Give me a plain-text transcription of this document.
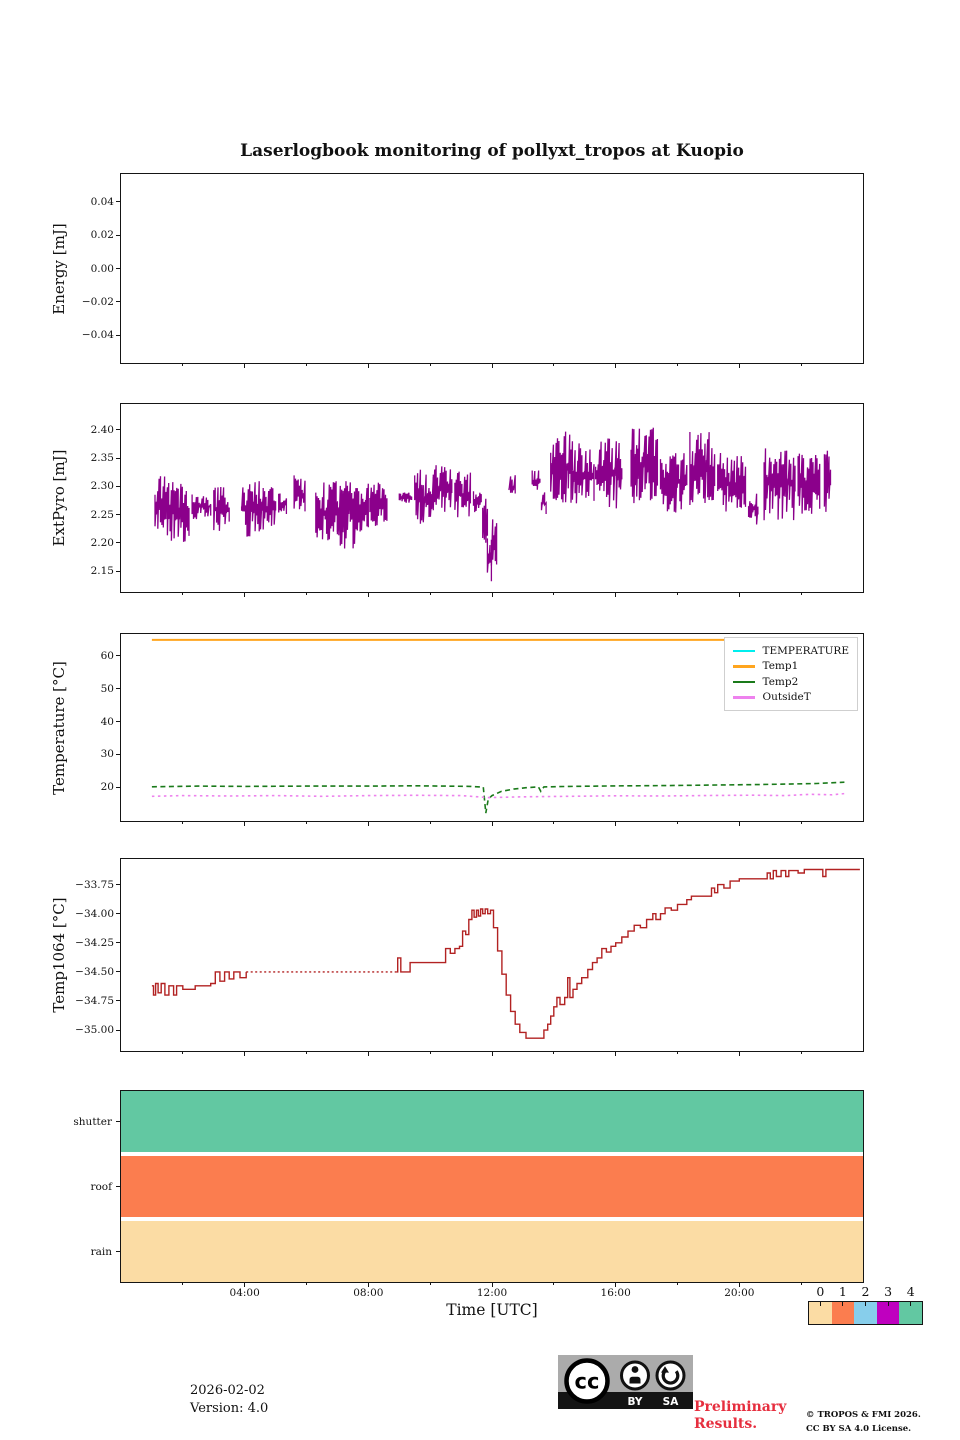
Laserlogbook monitoring of pollyxt_tropos at Kuopio
Energy [mJ]
0.04
0.02
0.00
−0.02
−0.04
ExtPyro [mJ]
2.40
2.35
2.30
2.25
2.20
2.15
Temperature [°C]
TEMPERATURE
Temp1
Temp2
OutsideT
60
50
40
30
20
Temp1064 [°C]
−33.75
−34.00
−34.25
−34.50
−34.75
−35.00
shutter
roof
rain
04:00	08:00	12:00	16:00	20:00
Time [UTC]
2026-02-02
Version: 4.0
cc
BY SA Preliminary
Results.
© TROPOS & FMI 2026.
CC BY SA 4.0 License.
0 1 2 3 4
